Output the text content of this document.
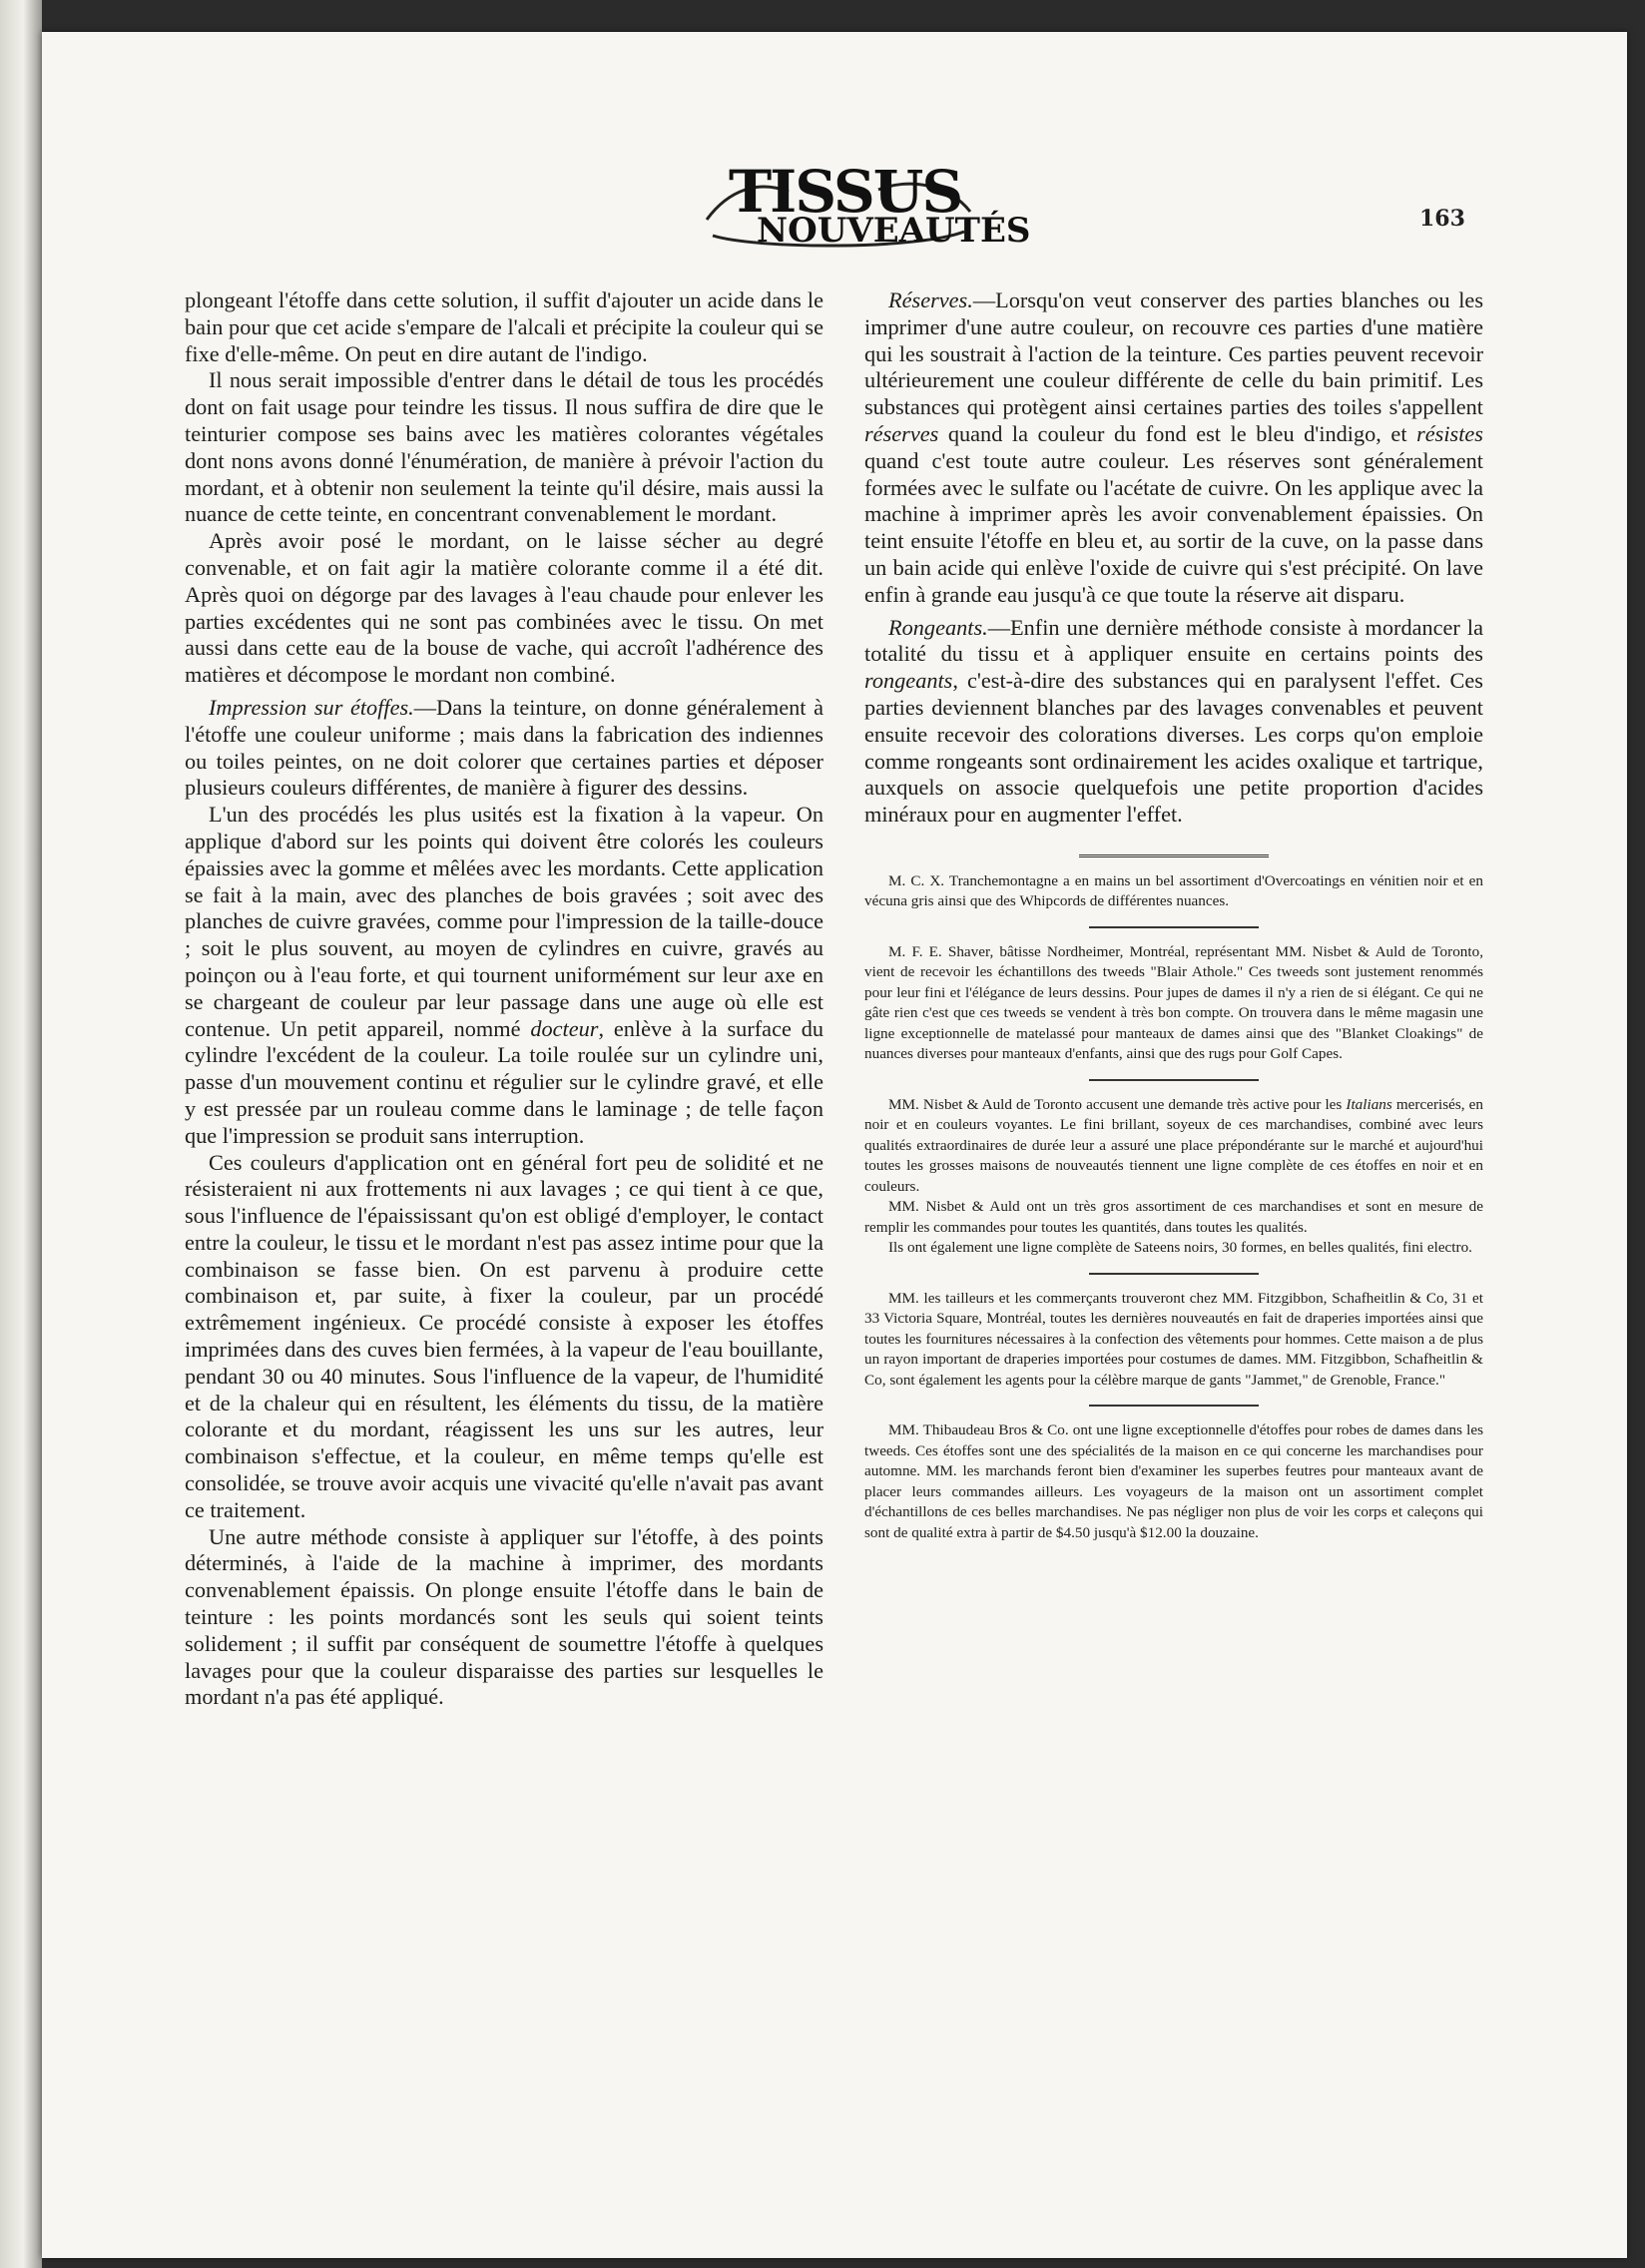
TISSUS
NOUVEAUTÉS	163

plongeant l'étoffe dans cette solution, il suffit d'ajouter un acide dans le bain pour que cet acide s'empare de l'alcali et précipite la couleur qui se fixe d'elle-même. On peut en dire autant de l'indigo.

Il nous serait impossible d'entrer dans le détail de tous les procédés dont on fait usage pour teindre les tissus. Il nous suffira de dire que le teinturier compose ses bains avec les matières colorantes végétales dont nons avons donné l'énumération, de manière à prévoir l'action du mordant, et à obtenir non seulement la teinte qu'il désire, mais aussi la nuance de cette teinte, en concentrant convenablement le mordant.

Après avoir posé le mordant, on le laisse sécher au degré convenable, et on fait agir la matière colorante comme il a été dit. Après quoi on dégorge par des lavages à l'eau chaude pour enlever les parties excédentes qui ne sont pas combinées avec le tissu. On met aussi dans cette eau de la bouse de vache, qui accroît l'adhérence des matières et décompose le mordant non combiné.

Impression sur étoffes.—Dans la teinture, on donne généralement à l'étoffe une couleur uniforme ; mais dans la fabrication des indiennes ou toiles peintes, on ne doit colorer que certaines parties et déposer plusieurs couleurs différentes, de manière à figurer des dessins.

L'un des procédés les plus usités est la fixation à la vapeur. On applique d'abord sur les points qui doivent être colorés les couleurs épaissies avec la gomme et mêlées avec les mordants. Cette application se fait à la main, avec des planches de bois gravées ; soit avec des planches de cuivre gravées, comme pour l'impression de la taille-douce ; soit le plus souvent, au moyen de cylindres en cuivre, gravés au poinçon ou à l'eau forte, et qui tournent uniformément sur leur axe en se chargeant de couleur par leur passage dans une auge où elle est contenue. Un petit appareil, nommé docteur, enlève à la surface du cylindre l'excédent de la couleur. La toile roulée sur un cylindre uni, passe d'un mouvement continu et régulier sur le cylindre gravé, et elle y est pressée par un rouleau comme dans le laminage ; de telle façon que l'impression se produit sans interruption.

Ces couleurs d'application ont en général fort peu de solidité et ne résisteraient ni aux frottements ni aux lavages ; ce qui tient à ce que, sous l'influence de l'épaississant qu'on est obligé d'employer, le contact entre la couleur, le tissu et le mordant n'est pas assez intime pour que la combinaison se fasse bien. On est parvenu à produire cette combinaison et, par suite, à fixer la couleur, par un procédé extrêmement ingénieux. Ce procédé consiste à exposer les étoffes imprimées dans des cuves bien fermées, à la vapeur de l'eau bouillante, pendant 30 ou 40 minutes. Sous l'influence de la vapeur, de l'humidité et de la chaleur qui en résultent, les éléments du tissu, de la matière colorante et du mordant, réagissent les uns sur les autres, leur combinaison s'effectue, et la couleur, en même temps qu'elle est consolidée, se trouve avoir acquis une vivacité qu'elle n'avait pas avant ce traitement.

Une autre méthode consiste à appliquer sur l'étoffe, à des points déterminés, à l'aide de la machine à imprimer, des mordants convenablement épaissis. On plonge ensuite l'étoffe dans le bain de teinture : les points mordancés sont les seuls qui soient teints solidement ; il suffit par conséquent de soumettre l'étoffe à quelques lavages pour que la couleur disparaisse des parties sur lesquelles le mordant n'a pas été appliqué.

Réserves.—Lorsqu'on veut conserver des parties blanches ou les imprimer d'une autre couleur, on recouvre ces parties d'une matière qui les soustrait à l'action de la teinture. Ces parties peuvent recevoir ultérieurement une couleur différente de celle du bain primitif. Les substances qui protègent ainsi certaines parties des toiles s'appellent réserves quand la couleur du fond est le bleu d'indigo, et résistes quand c'est toute autre couleur. Les réserves sont généralement formées avec le sulfate ou l'acétate de cuivre. On les applique avec la machine à imprimer après les avoir convenablement épaissies. On teint ensuite l'étoffe en bleu et, au sortir de la cuve, on la passe dans un bain acide qui enlève l'oxide de cuivre qui s'est précipité. On lave enfin à grande eau jusqu'à ce que toute la réserve ait disparu.

Rongeants.—Enfin une dernière méthode consiste à mordancer la totalité du tissu et à appliquer ensuite en certains points des rongeants, c'est-à-dire des substances qui en paralysent l'effet. Ces parties deviennent blanches par des lavages convenables et peuvent ensuite recevoir des colorations diverses. Les corps qu'on emploie comme rongeants sont ordinairement les acides oxalique et tartrique, auxquels on associe quelquefois une petite proportion d'acides minéraux pour en augmenter l'effet.

M. C. X. Tranchemontagne a en mains un bel assortiment d'Overcoatings en vénitien noir et en vécuna gris ainsi que des Whipcords de différentes nuances.

M. F. E. Shaver, bâtisse Nordheimer, Montréal, représentant MM. Nisbet & Auld de Toronto, vient de recevoir les échantillons des tweeds "Blair Athole." Ces tweeds sont justement renommés pour leur fini et l'élégance de leurs dessins. Pour jupes de dames il n'y a rien de si élégant. Ce qui ne gâte rien c'est que ces tweeds se vendent à très bon compte. On trouvera dans le même magasin une ligne exceptionnelle de matelassé pour manteaux de dames ainsi que des "Blanket Cloakings" de nuances diverses pour manteaux d'enfants, ainsi que des rugs pour Golf Capes.

MM. Nisbet & Auld de Toronto accusent une demande très active pour les Italians mercerisés, en noir et en couleurs voyantes. Le fini brillant, soyeux de ces marchandises, combiné avec leurs qualités extraordinaires de durée leur a assuré une place prépondérante sur le marché et aujourd'hui toutes les grosses maisons de nouveautés tiennent une ligne complète de ces étoffes en noir et en couleurs.

MM. Nisbet & Auld ont un très gros assortiment de ces marchandises et sont en mesure de remplir les commandes pour toutes les quantités, dans toutes les qualités.

Ils ont également une ligne complète de Sateens noirs, 30 formes, en belles qualités, fini electro.

MM. les tailleurs et les commerçants trouveront chez MM. Fitzgibbon, Schafheitlin & Co, 31 et 33 Victoria Square, Montréal, toutes les dernières nouveautés en fait de draperies importées ainsi que toutes les fournitures nécessaires à la confection des vêtements pour hommes. Cette maison a de plus un rayon important de draperies importées pour costumes de dames. MM. Fitzgibbon, Schafheitlin & Co, sont également les agents pour la célèbre marque de gants "Jammet," de Grenoble, France."

MM. Thibaudeau Bros & Co. ont une ligne exceptionnelle d'étoffes pour robes de dames dans les tweeds. Ces étoffes sont une des spécialités de la maison en ce qui concerne les marchandises pour automne. MM. les marchands feront bien d'examiner les superbes feutres pour manteaux avant de placer leurs commandes ailleurs. Les voyageurs de la maison ont un assortiment complet d'échantillons de ces belles marchandises. Ne pas négliger non plus de voir les corps et caleçons qui sont de qualité extra à partir de $4.50 jusqu'à $12.00 la douzaine.
